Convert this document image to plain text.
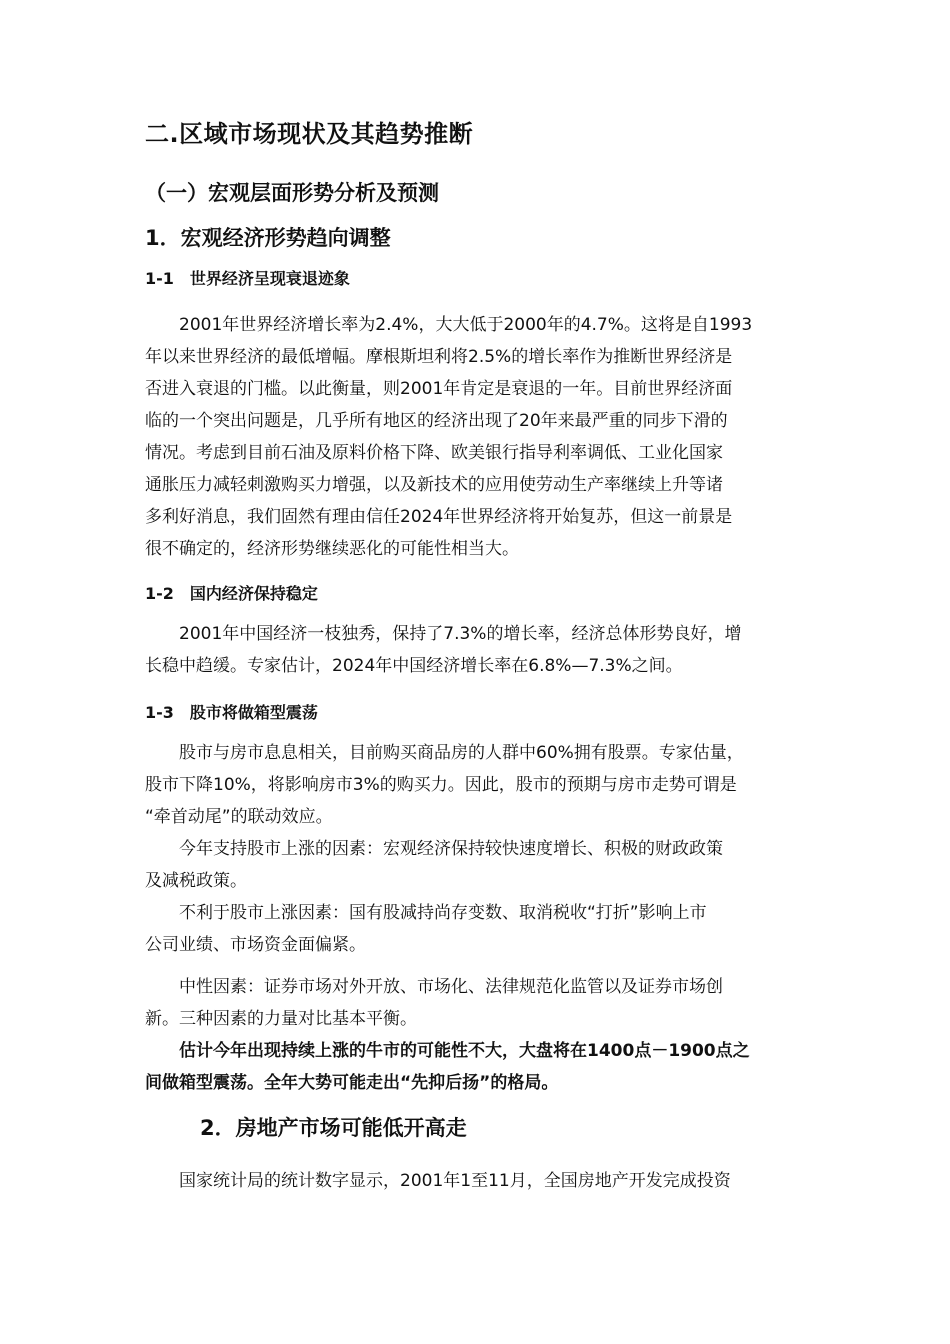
二.区域市场现状及其趋势推断
（一）宏观层面形势分析及预测
1．宏观经济形势趋向调整
1-1　世界经济呈现衰退迹象
　　2001年世界经济增长率为2.4%，大大低于2000年的4.7%。这将是自1993
年以来世界经济的最低增幅。摩根斯坦利将2.5%的增长率作为推断世界经济是
否进入衰退的门槛。以此衡量，则2001年肯定是衰退的一年。目前世界经济面
临的一个突出问题是，几乎所有地区的经济出现了20年来最严重的同步下滑的
情况。考虑到目前石油及原料价格下降、欧美银行指导利率调低、工业化国家
通胀压力减轻刺激购买力增强，以及新技术的应用使劳动生产率继续上升等诸
多利好消息，我们固然有理由信任2024年世界经济将开始复苏，但这一前景是
很不确定的，经济形势继续恶化的可能性相当大。
1-2　国内经济保持稳定
　　2001年中国经济一枝独秀，保持了7.3%的增长率，经济总体形势良好，增
长稳中趋缓。专家估计，2024年中国经济增长率在6.8%—7.3%之间。
1-3　股市将做箱型震荡
　　股市与房市息息相关，目前购买商品房的人群中60%拥有股票。专家估量，
股市下降10%，将影响房市3%的购买力。因此，股市的预期与房市走势可谓是
“牵首动尾”的联动效应。
　　今年支持股市上涨的因素：宏观经济保持较快速度增长、积极的财政政策
及减税政策。
　　不利于股市上涨因素：国有股减持尚存变数、取消税收“打折”影响上市
公司业绩、市场资金面偏紧。
　　中性因素：证券市场对外开放、市场化、法律规范化监管以及证券市场创
新。三种因素的力量对比基本平衡。
　　估计今年出现持续上涨的牛市的可能性不大，大盘将在1400点－1900点之
间做箱型震荡。全年大势可能走出“先抑后扬”的格局。
2．房地产市场可能低开高走
　　国家统计局的统计数字显示，2001年1至11月，全国房地产开发完成投资
